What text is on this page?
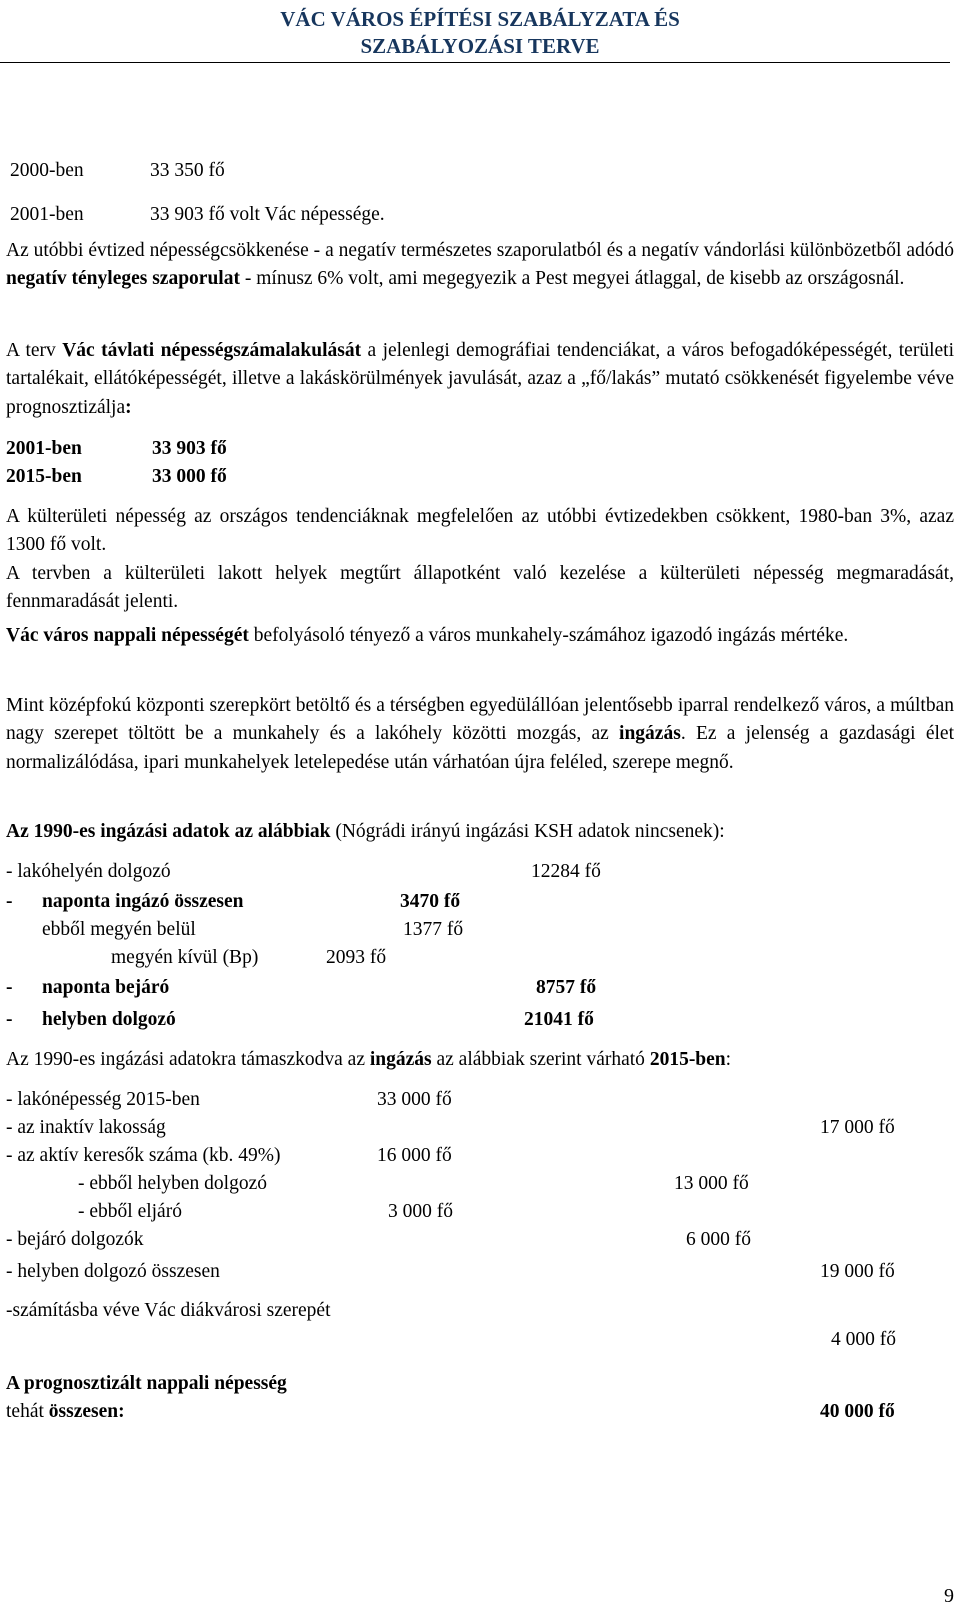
VÁC VÁROS ÉPÍTÉSI SZABÁLYZATA ÉS
SZABÁLYOZÁSI TERVE
2000-ben	33 350 fő
2001-ben	33 903 fő volt Vác népessége.
Az utóbbi évtized népességcsökkenése - a negatív természetes szaporulatból és a negatív vándorlási különbözetből adódó negatív tényleges szaporulat - mínusz 6% volt, ami megegyezik a Pest megyei átlaggal, de kisebb az országosnál.
A terv Vác távlati népességszámalakulását a jelenlegi demográfiai tendenciákat, a város befogadóképességét, területi tartalékait, ellátóképességét, illetve a lakáskörülmények javulását, azaz a „fő/lakás” mutató csökkenését figyelembe véve prognosztizálja:
2001-ben	33 903 fő
2015-ben	33 000 fő
A külterületi népesség az országos tendenciáknak megfelelően az utóbbi évtizedekben csökkent, 1980-ban 3%, azaz 1300 fő volt.
A tervben a külterületi lakott helyek megtűrt állapotként való kezelése a külterületi népesség megmaradását, fennmaradását jelenti.
Vác város nappali népességét befolyásoló tényező a város munkahely-számához igazodó ingázás mértéke.
Mint középfokú központi szerepkört betöltő és a térségben egyedülállóan jelentősebb iparral rendelkező város, a múltban nagy szerepet töltött be a munkahely és a lakóhely közötti mozgás, az ingázás. Ez a jelenség a gazdasági élet normalizálódása, ipari munkahelyek letelepedése után várhatóan újra feléled, szerepe megnő.
Az 1990-es ingázási adatok az alábbiak (Nógrádi irányú ingázási KSH adatok nincsenek):
- lakóhelyén dolgozó	12284 fő
- naponta ingázó összesen	3470 fő
ebből megyén belül	1377 fő
megyén kívül (Bp)	2093 fő
- naponta bejáró	8757 fő
- helyben dolgozó	21041 fő
Az 1990-es ingázási adatokra támaszkodva az ingázás az alábbiak szerint várható 2015-ben:
- lakónépesség 2015-ben	33 000 fő
- az inaktív lakosság	17 000 fő
- az aktív keresők száma (kb. 49%)	16 000 fő
- ebből helyben dolgozó	13 000 fő
- ebből eljáró	3 000 fő
- bejáró dolgozók	6 000 fő
- helyben dolgozó összesen	19 000 fő
-számításba véve Vác diákvárosi szerepét
4 000 fő
A prognosztizált nappali népesség
tehát összesen:	40 000 fő
9
